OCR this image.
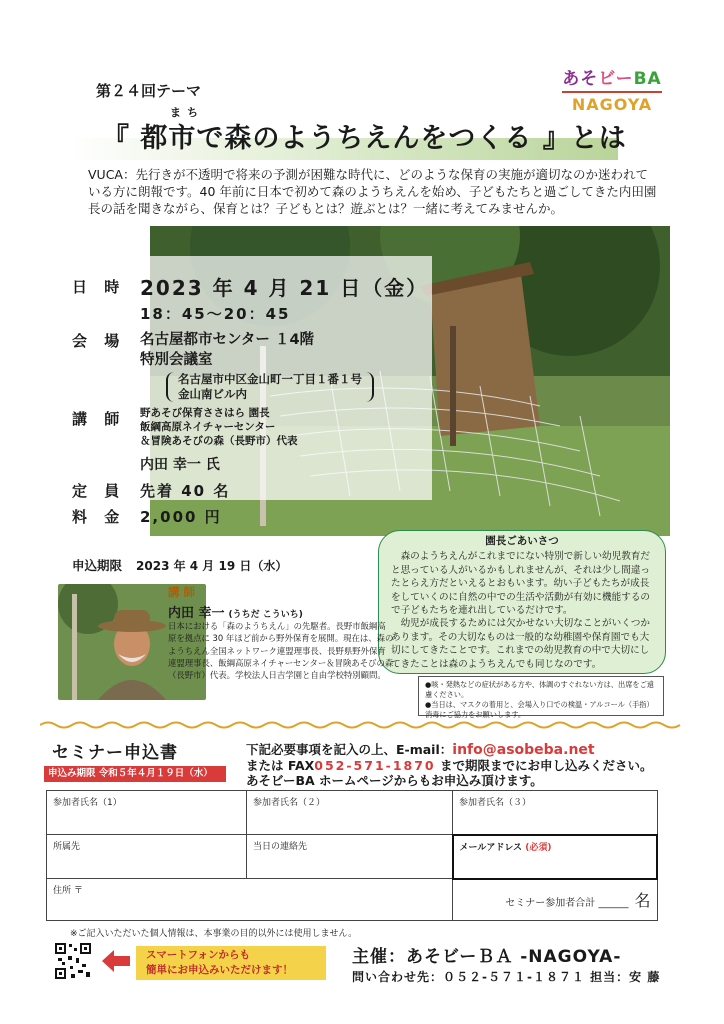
あそビーBA
NAGOYA
第２４回テーマ
まち
『 都市で森のようちえんをつくる 』とは
VUCA：先行きが不透明で将来の予測が困難な時代に、どのような保育の実施が適切なのか迷われている方に朗報です。40 年前に日本で初めて森のようちえんを始め、子どもたちと過ごしてきた内田園長の話を聞きながら、保育とは？子どもとは？遊ぶとは？一緒に考えてみませんか。
日 時 2023 年 4 月 21 日（金）
18：45〜20：45
会 場	名古屋都市センター １4階
特別会議室
名古屋市中区金山町一丁目１番１号
金山南ビル内
講 師	野あそび保育ささはら 園長
飯綱高原ネイチャーセンター
＆冒険あそびの森（長野市）代表
内田 幸一 氏
定 員 先着 40 名
料 金 2,000 円
申込期限 2023 年 4 月 19 日（水）
園長ごあいさつ

森のようちえんがこれまでにない特別で新しい幼児教育だと思っている人がいるかもしれませんが、それは少し間違ったとらえ方だといえるとおもいます。幼い子どもたちが成長をしていくのに自然の中での生活や活動が有効に機能するので子どもたちを連れ出しているだけです。

幼児が成長するためには欠かせない大切なことがいくつかあります。その大切なものは一般的な幼稚園や保育園でも大切にしてきたことです。これまでの幼児教育の中で大切にしてきたことは森のようちえんでも同じなのです。

講 師
内田 幸一 (うちだ こういち)
日本における「森のようちえん」の先駆者。長野市飯綱高原を拠点に 30 年ほど前から野外保育を展開。現在は、森のようちえん全国ネットワーク連盟理事長、長野県野外保育連盟理事長、飯綱高原ネイチャーセンター＆冒険あそびの森（長野市）代表。学校法人日吉学園と自由学校特別顧問。
●咳・発熱などの症状がある方や、体調のすぐれない方は、出席をご遠慮ください。
●当日は、マスクの着用と、会場入り口での検温・アルコール（手指）消毒にご協力をお願いします。
セミナー申込書
申込み期限 令和５年４月１９日（水）
下記必要事項を記入の上、E-mail：info@asobeba.net
または FAX052-571-1870 まで期限までにお申し込みください。
あそビーBA ホームページからもお申込み頂けます。
参加者氏名（1）	参加者氏名（２）	参加者氏名（３）
所属先	当日の連絡先	メールアドレス (必須)
住所 〒		セミナー参加者合計 ______ 名
※ご記入いただいた個人情報は、本事業の目的以外には使用しません。
スマートフォンからも
簡単にお申込みいただけます！
主催：あそビーＢＡ -NAGOYA-
問い合わせ先：０５２-５７１-１８７１ 担当：安 藤
